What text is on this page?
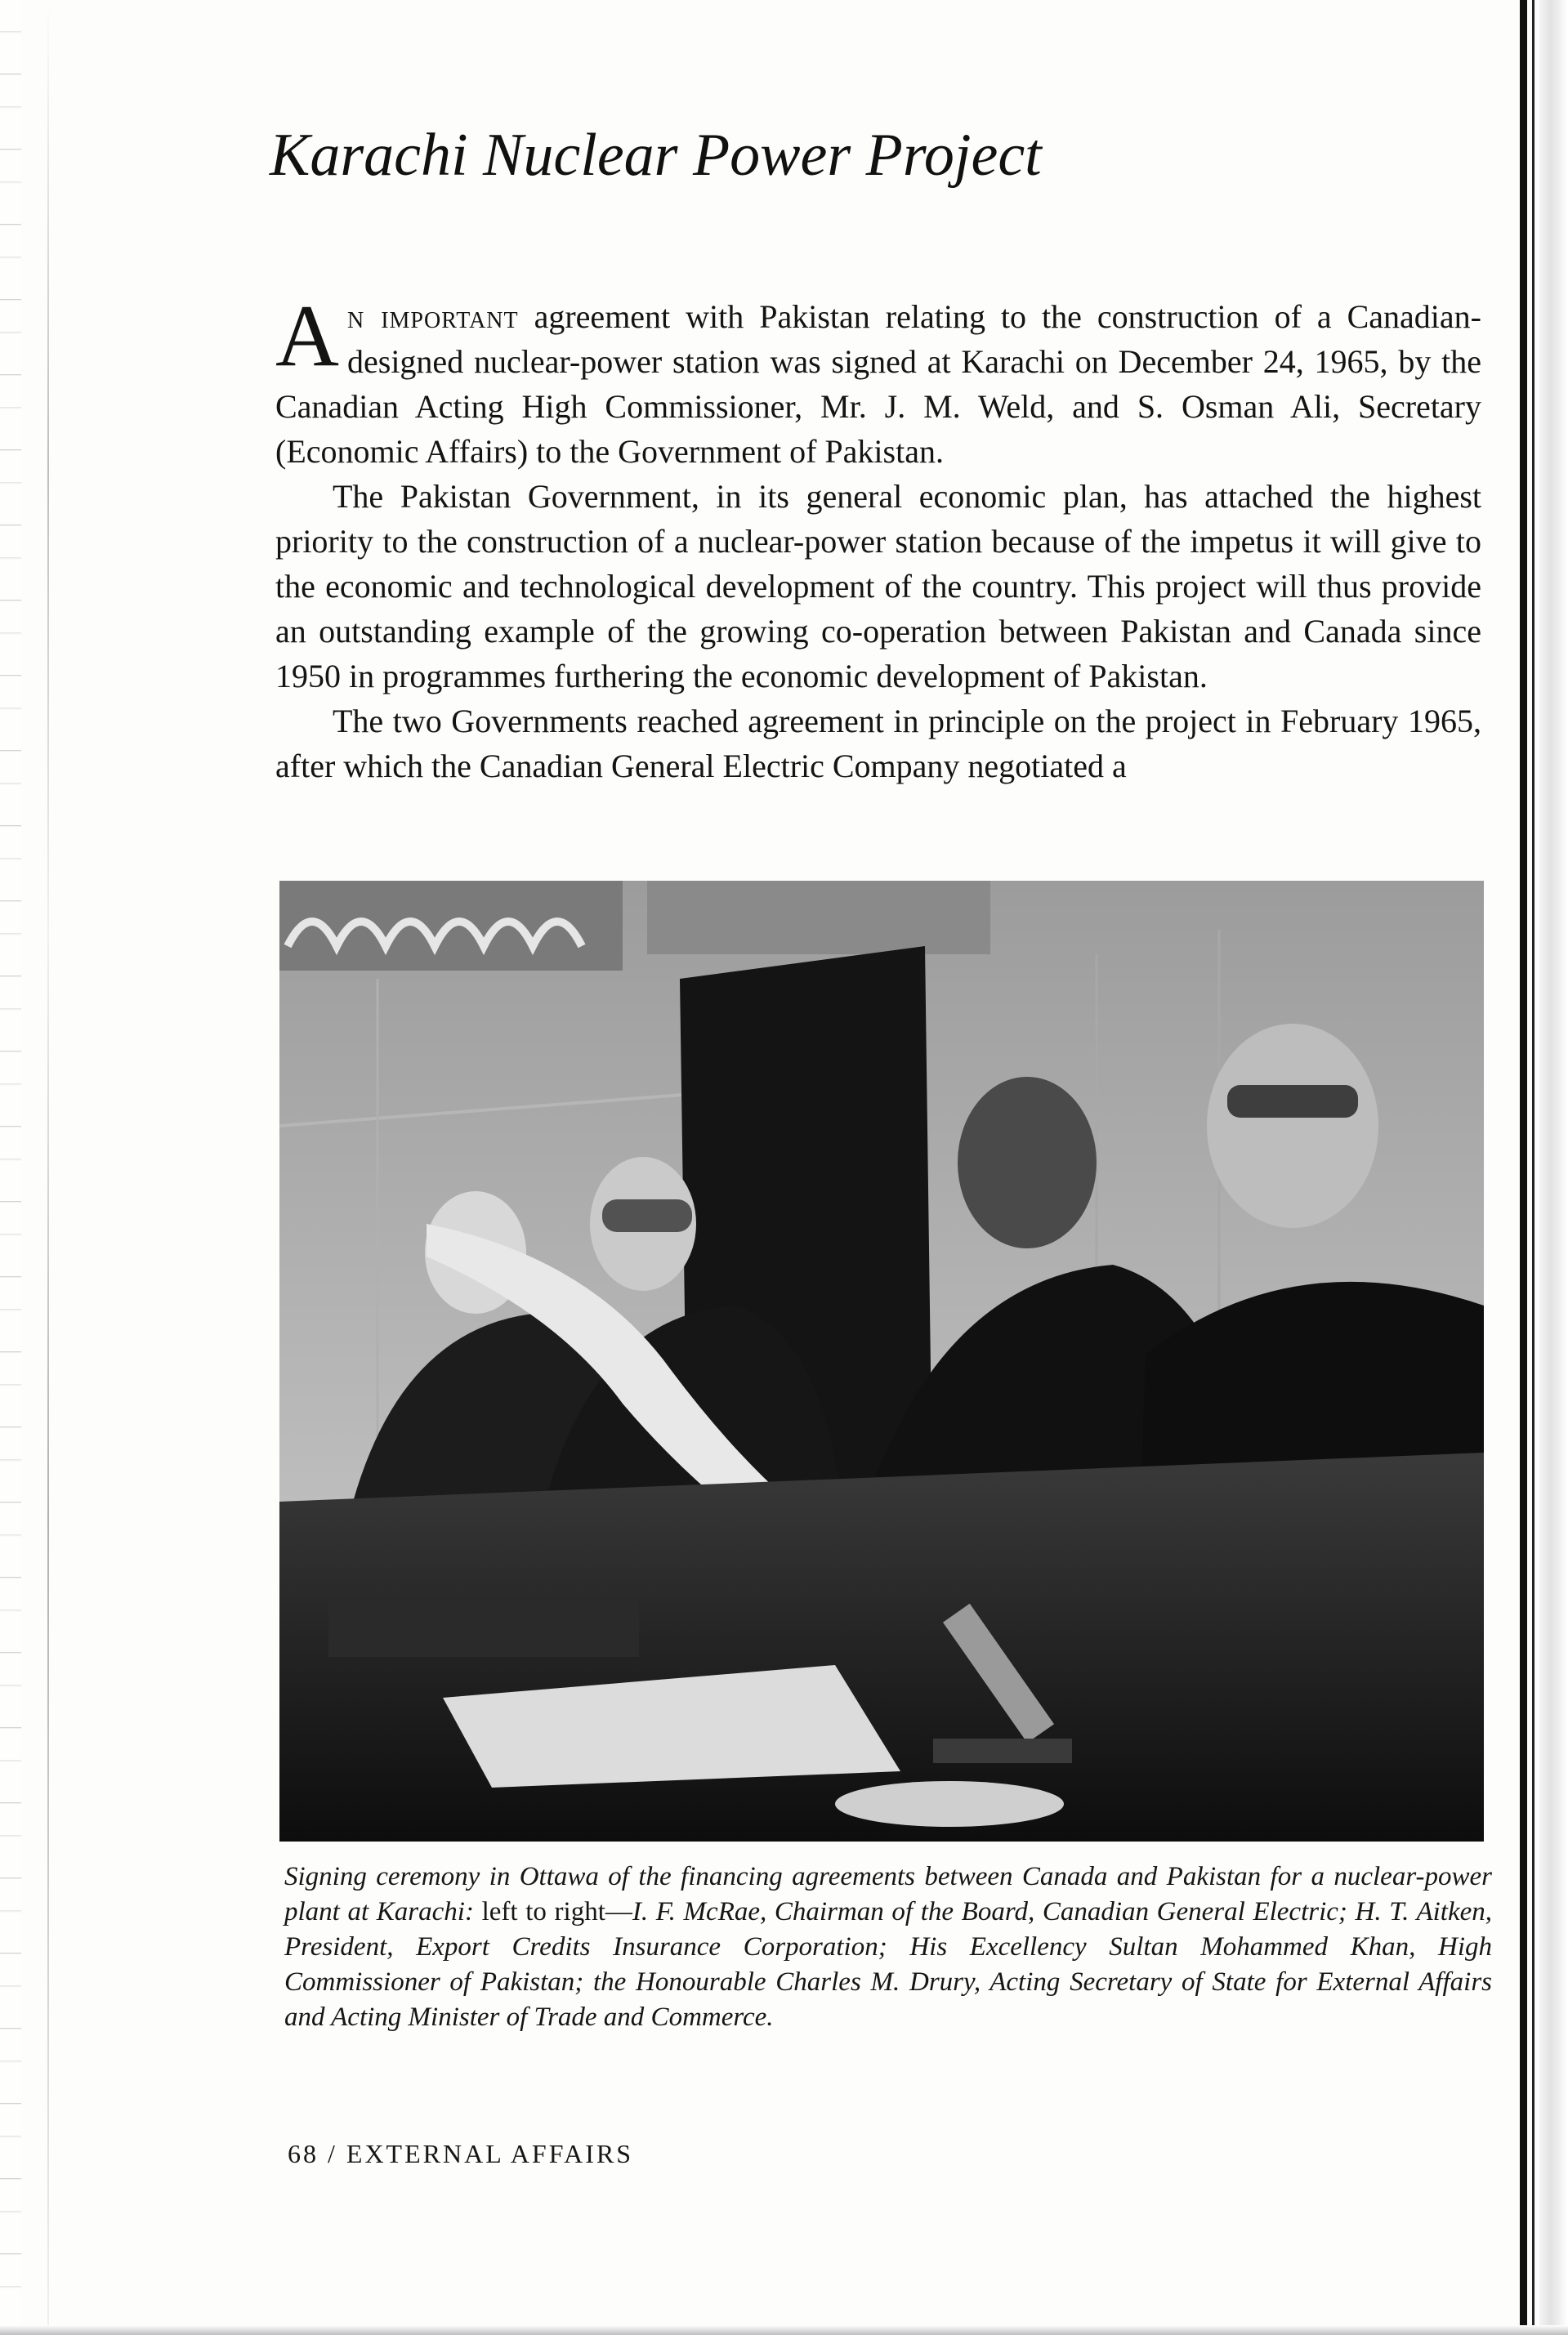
Karachi Nuclear Power Project

An important agreement with Pakistan relating to the construction of a Canadian-designed nuclear-power station was signed at Karachi on December 24, 1965, by the Canadian Acting High Commissioner, Mr. J. M. Weld, and S. Osman Ali, Secretary (Economic Affairs) to the Government of Pakistan.

The Pakistan Government, in its general economic plan, has attached the highest priority to the construction of a nuclear-power station because of the impetus it will give to the economic and technological development of the country. This project will thus provide an outstanding example of the growing co-operation between Pakistan and Canada since 1950 in programmes furthering the economic development of Pakistan.

The two Governments reached agreement in principle on the project in February 1965, after which the Canadian General Electric Company negotiated a

Signing ceremony in Ottawa of the financing agreements between Canada and Pakistan for a nuclear-power plant at Karachi: left to right—I. F. McRae, Chairman of the Board, Canadian General Electric; H. T. Aitken, President, Export Credits Insurance Corporation; His Excellency Sultan Mohammed Khan, High Commissioner of Pakistan; the Honourable Charles M. Drury, Acting Secretary of State for External Affairs and Acting Minister of Trade and Commerce.

68 / EXTERNAL AFFAIRS
